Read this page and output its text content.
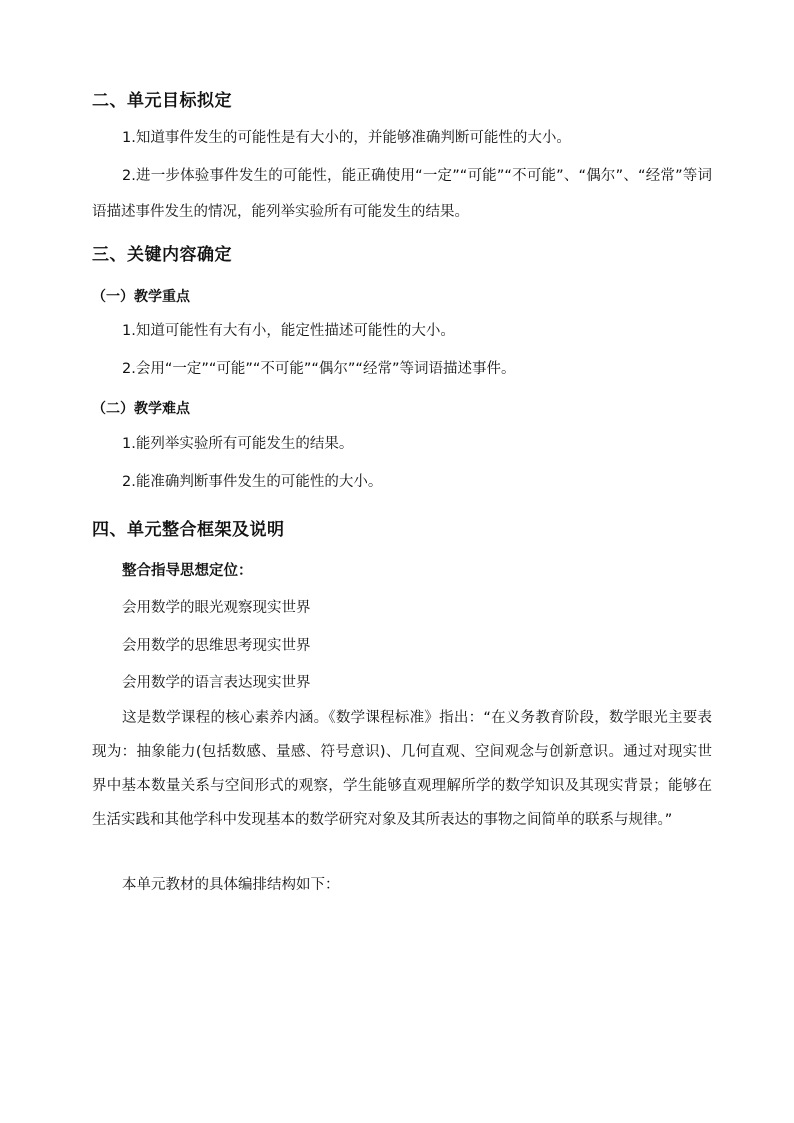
二、单元目标拟定
1.知道事件发生的可能性是有大小的，并能够准确判断可能性的大小。
2.进一步体验事件发生的可能性，能正确使用“一定”“可能”“不可能”、“偶尔”、“经常”等词语描述事件发生的情况，能列举实验所有可能发生的结果。
三、关键内容确定
（一）教学重点
1.知道可能性有大有小，能定性描述可能性的大小。
2.会用“一定”“可能”“不可能”“偶尔”“经常”等词语描述事件。
（二）教学难点
1.能列举实验所有可能发生的结果。
2.能准确判断事件发生的可能性的大小。
四、单元整合框架及说明
整合指导思想定位：
会用数学的眼光观察现实世界
会用数学的思维思考现实世界
会用数学的语言表达现实世界
这是数学课程的核心素养内涵。《数学课程标准》指出：“在义务教育阶段，数学眼光主要表现为：抽象能力(包括数感、量感、符号意识)、几何直观、空间观念与创新意识。通过对现实世界中基本数量关系与空间形式的观察，学生能够直观理解所学的数学知识及其现实背景；能够在生活实践和其他学科中发现基本的数学研究对象及其所表达的事物之间简单的联系与规律。”
本单元教材的具体编排结构如下：
